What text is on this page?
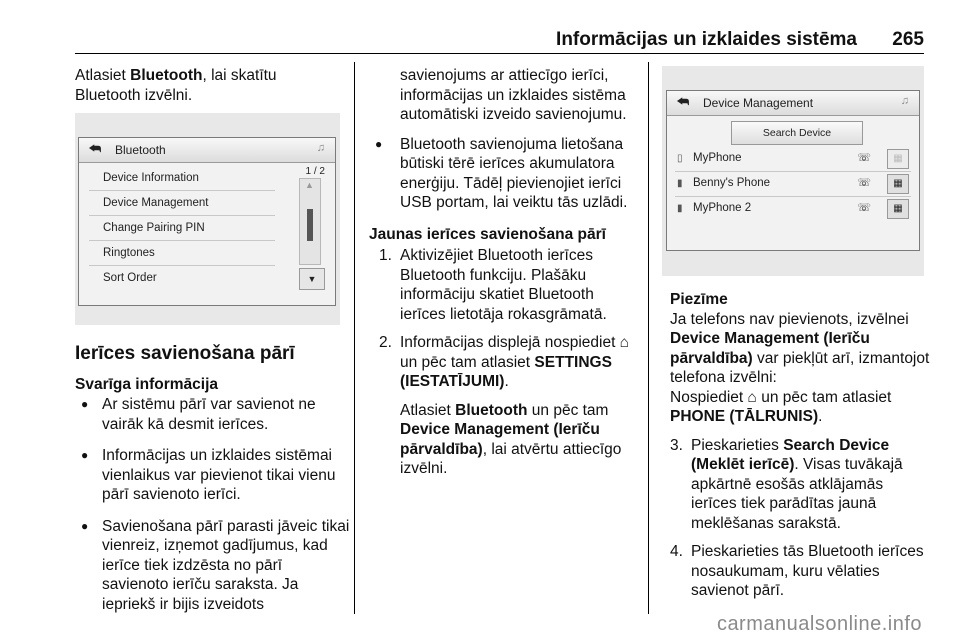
Informācijas un izklaides sistēma 265
Atlasiet Bluetooth, lai skatītu
Bluetooth izvēlni.
⮪ Bluetooth	♫
1 / 2
Device Information
Device Management
Change Pairing PIN
Ringtones
Sort Order
▲
▼
Ierīces savienošana pārī
Svarīga informācija
● Ar sistēmu pārī var savienot ne vairāk kā desmit ierīces.
● Informācijas un izklaides sistēmai vienlaikus var pievienot tikai vienu pārī savienoto ierīci.
● Savienošana pārī parasti jāveic tikai vienreiz, izņemot gadījumus, kad ierīce tiek izdzēsta no pārī savienoto ierīču saraksta. Ja iepriekš ir bijis izveidots
savienojums ar attiecīgo ierīci, informācijas un izklaides sistēma automātiski izveido savienojumu.
● Bluetooth savienojuma lietošana būtiski tērē ierīces akumulatora enerģiju. Tādēļ pievienojiet ierīci USB portam, lai veiktu tās uzlādi.
Jaunas ierīces savienošana pārī
1. Aktivizējiet Bluetooth ierīces Bluetooth funkciju. Plašāku informāciju skatiet Bluetooth ierīces lietotāja rokasgrāmatā.
2. Informācijas displejā nospiediet ⌂ un pēc tam atlasiet SETTINGS (IESTATĪJUMI).
Atlasiet Bluetooth un pēc tam Device Management (Ierīču pārvaldība), lai atvērtu attiecīgo izvēlni.
⮪ Device Management	♫
Search Device
▯ MyPhone	☏	▦
▮ Benny's Phone	☏	▦
▮ MyPhone 2	☏	▦
Piezīme
Ja telefons nav pievienots, izvēlnei
Device Management (Ierīču pārvaldība) var piekļūt arī, izmantojot telefona izvēlni:
Nospiediet ⌂ un pēc tam atlasiet
PHONE (TĀLRUNIS).
3. Pieskarieties Search Device (Meklēt ierīcē). Visas tuvākajā apkārtnē esošās atklājamās ierīces tiek parādītas jaunā meklēšanas sarakstā.
4. Pieskarieties tās Bluetooth ierīces nosaukumam, kuru vēlaties savienot pārī.
carmanualsonline.info
